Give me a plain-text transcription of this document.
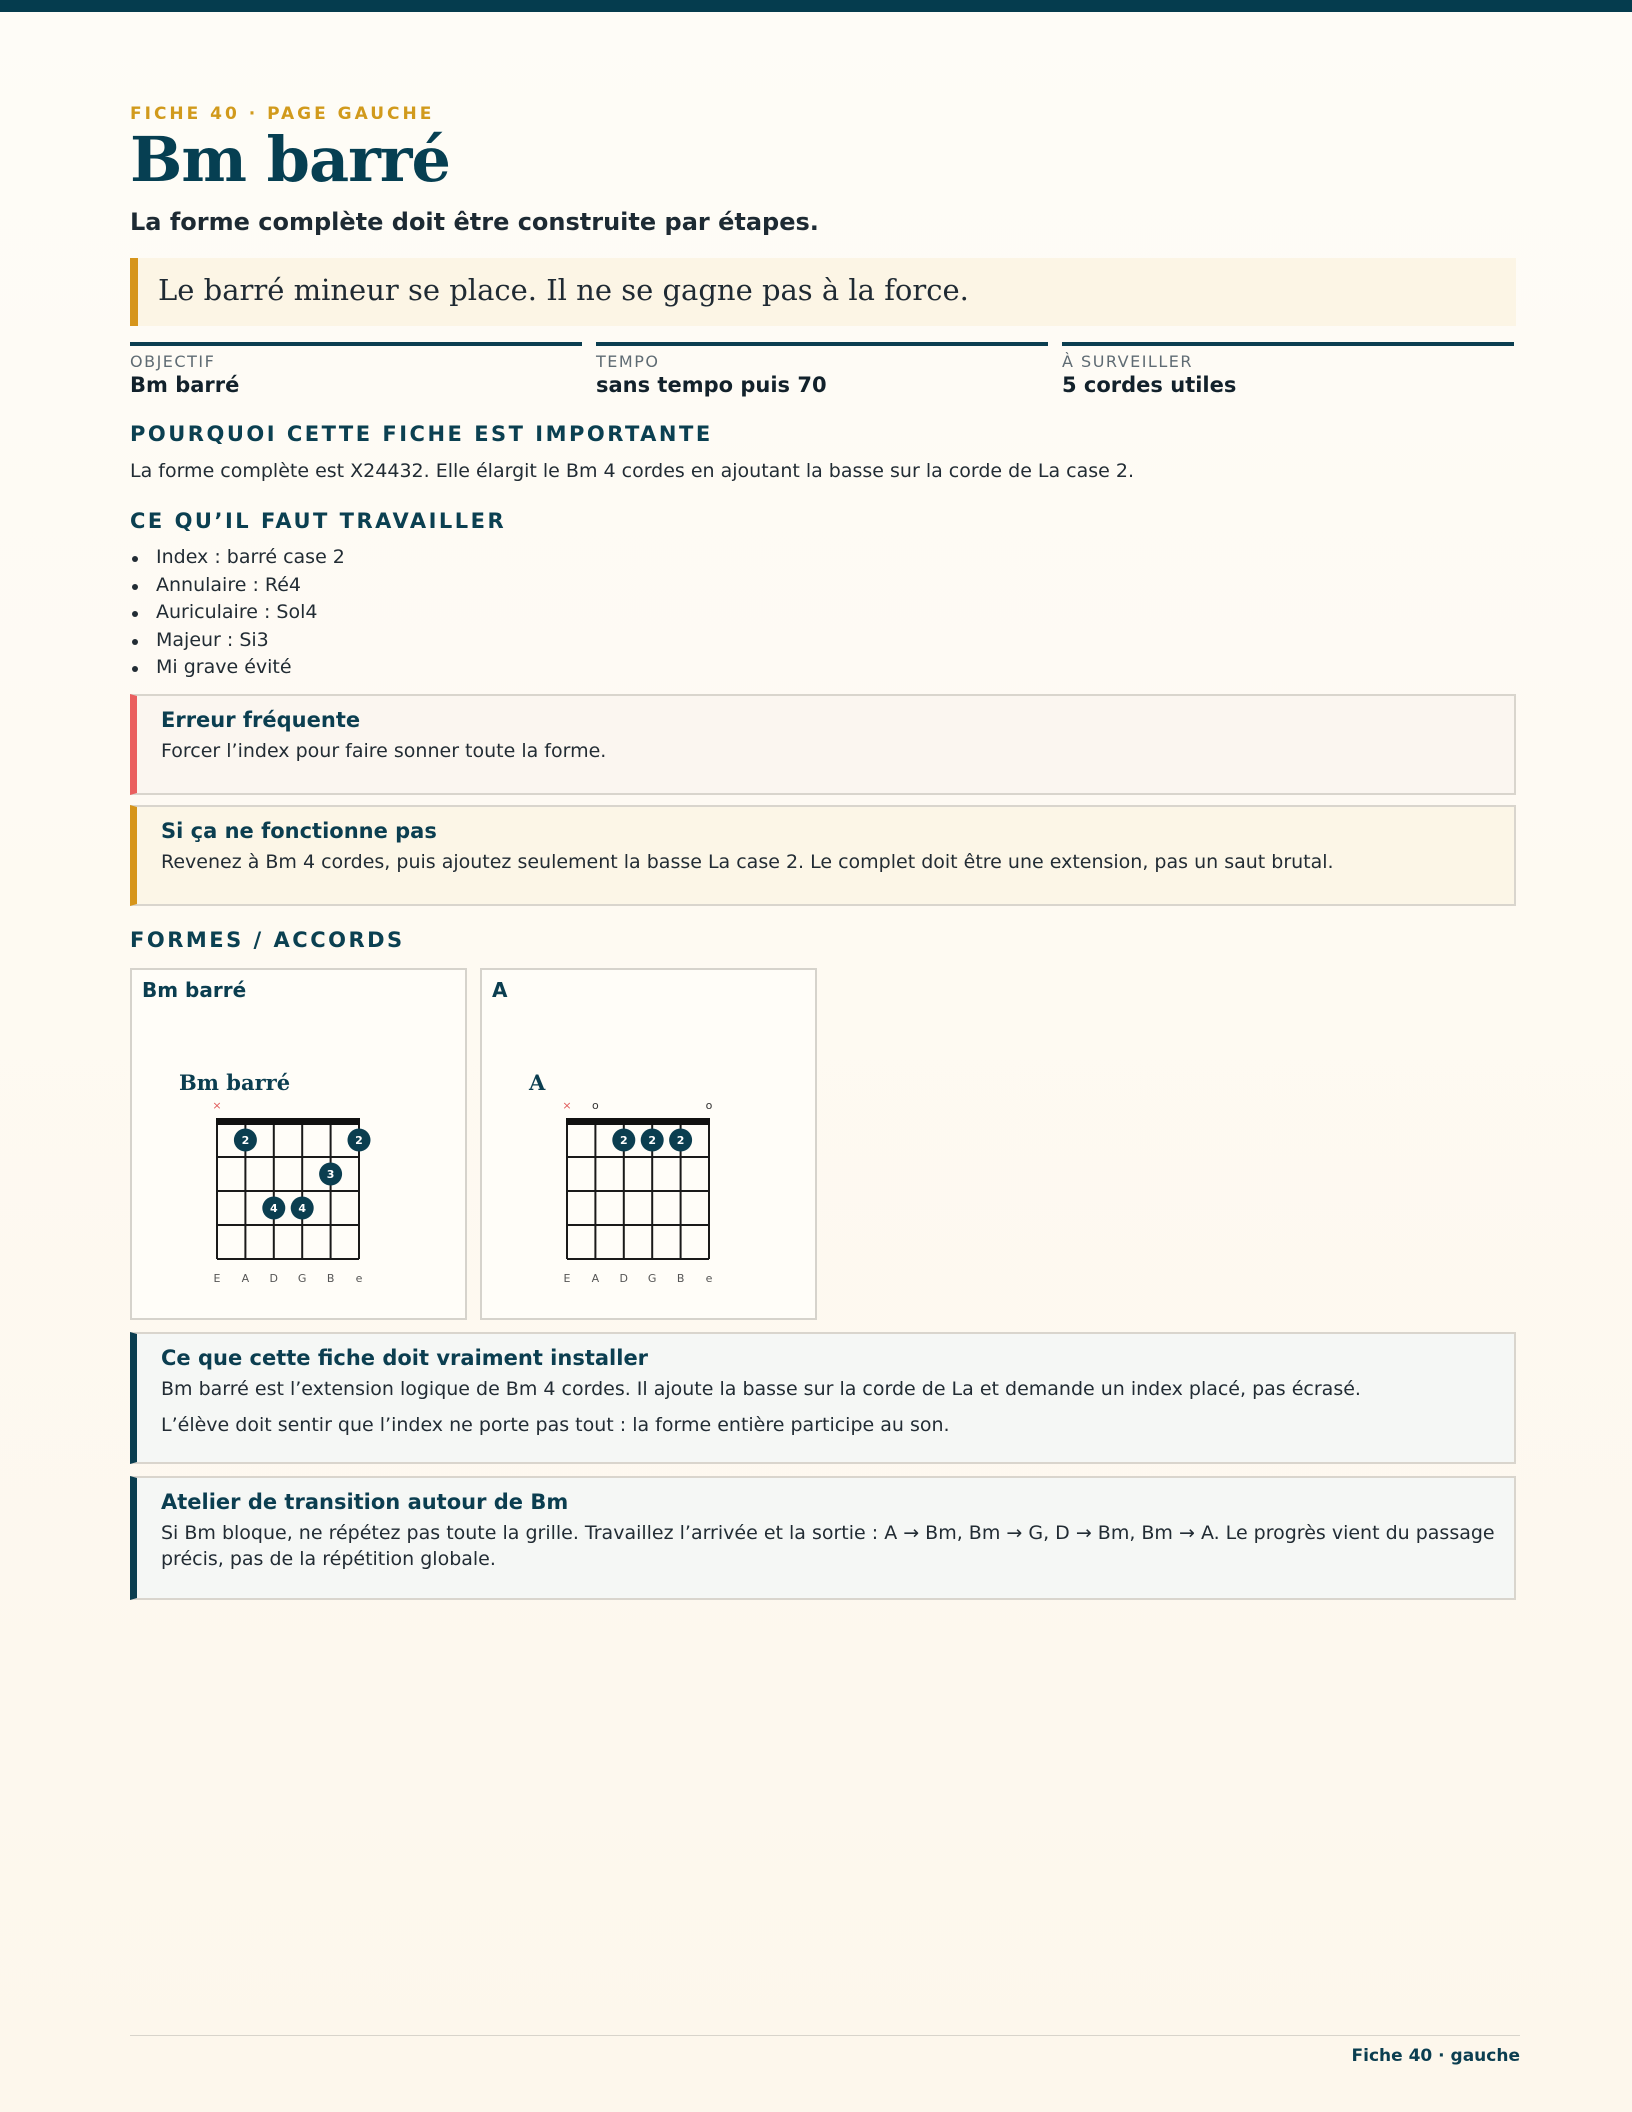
FICHE 40 · PAGE GAUCHE
Bm barré
La forme complète doit être construite par étapes.
Le barré mineur se place. Il ne se gagne pas à la force.
OBJECTIF
Bm barré
TEMPO
sans tempo puis 70
À SURVEILLER
5 cordes utiles
POURQUOI CETTE FICHE EST IMPORTANTE
La forme complète est X24432. Elle élargit le Bm 4 cordes en ajoutant la basse sur la corde de La case 2.
CE QU’IL FAUT TRAVAILLER
Index : barré case 2
Annulaire : Ré4
Auriculaire : Sol4
Majeur : Si3
Mi grave évité
Erreur fréquente
Forcer l’index pour faire sonner toute la forme.
Si ça ne fonctionne pas
Revenez à Bm 4 cordes, puis ajoutez seulement la basse La case 2. Le complet doit être une extension, pas un saut brutal.
FORMES / ACCORDS
Bm barré
Bm barré
×
2	2
3
4 4
E A D G B e
A
A
× o	o
2 2 2
E A D G B e
Ce que cette fiche doit vraiment installer
Bm barré est l’extension logique de Bm 4 cordes. Il ajoute la basse sur la corde de La et demande un index placé, pas écrasé.
L’élève doit sentir que l’index ne porte pas tout : la forme entière participe au son.
Atelier de transition autour de Bm
Si Bm bloque, ne répétez pas toute la grille. Travaillez l’arrivée et la sortie : A → Bm, Bm → G, D → Bm, Bm → A. Le progrès vient du passage précis, pas de la répétition globale.
Fiche 40 · gauche
